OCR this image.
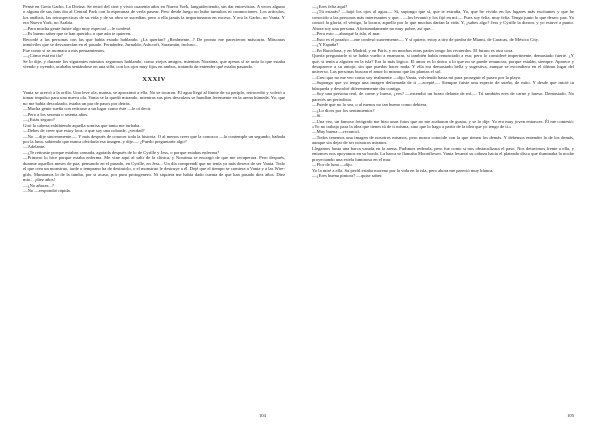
Pensé en Greta Garbo, La Divina. Se retiró del cine y vivió cuarenta años en Nueva York, languideciendo, sin dar entrevistas. A veces alguno o alguna de sus fans iba al Central Park con la esperanza de verla pasear. Pero desde luego no hubo tumultos ni conmociones. Los artículos, los análisis, las retrospectivas de su vida y de su obra se sucedían, pero a ella jamás la importunaron en exceso. Y era la Garbo, no Vania. Y era Nueva York, no Arabia.

—Para mucha gente fuiste algo muy especial —le confesé.

—Es bueno saber que te han querido, o que aún te quieren.

Recordé a las personas con las que había estado hablando. ¿La querían? ¿Realmente...? De pronto me parecieron máscaras. Máscaras inmóviles que se desvanecían en el pasado. Fernández, Jurnaldo, Ashcroft, Sarasmán, incluso...

Fue como si se asomara a mis pensamientos.

—¿Cómo está mi tía?

Se lo dije, y durante los siguientes minutos seguimos hablando, como viejos amigos, mientras Noraima, que ajenas sí se unía lo que estaba viendo y oyendo, acababa sentándose en una silla, con los ojos muy fijos en ambos, tratando de entender qué estaba pasando.

XXXIV

Vania se acercó a la orilla. Una leve ola, mansa, se aproximó a ella. No se tocaron. El agua llegó al límite de su periplo, retrocedió y volvió a tomar impulso para una nueva ola. Vania se la quedó mirando, mientras sus pies descalzos se hundían levemente en la arena húmeda. Yo, que no me había descalzado, estaba un par de pasos por detrás.

—Mucha gente sueña con retirarse a un lugar como éste —le oí decir.

—Pero a los sesenta o setenta años.

—¿Estás seguro?

Giró la cabeza exhibiendo aquella sonrisa que tanto me turbaba.

—Debes de creer que estoy loca, o que soy una cobarde, ¿verdad?

—No —dije sinceramente—. Y más después de conocer toda la historia. O al menos creer que la conozco —la contemple un segundo, bañada por la luna, sabiendo que nunca olvidaría esa imagen, y dije—: ¿Puedo preguntarte algo?

—Adelante.

—¿Te retiraste porque estabas cansada, agotada después de lo de Cyrille y Jess, o porque estabas enferma?

—Primero lo hice porque estaba enferma. Me vine aquí al salir de la clínica, y Noraima se encargó de que me recuperara. Pero después, durante aquellos meses de paz, pensando en el pasado, en Cyrille, en Jess... Un día comprendí que no tenía ya más deseos de ser Vania. Todo el que crea un monstruo, tarde o temprano ha de destruirlo, o el monstruo le destruye a él. Dejé que el tiempo se comiera a Vania y a las Wire-girls. Muntamos lo de la tumba, por si acaso, por pura protogenero. Ni siquiera me había dado cuenta de que han pasado diez años. Diez mio... ¡diez años!

—¿No añoras...?

—No —respondió rápida.

104

—¿Eres feliz aquí?

—¿Tú estarás? —hajó los ojos al agua—. Sí, supongo que sí, que te extraña. Yo, que he vivido en los lugares más excitantes y que he conocido a las personas más interesantes y que... —los levantó y los fijó en mí—. Pues soy feliz, muy feliz. Tengo junto lo que deseo: paz. Yo conocí la gloria, el vértigo, la locura, aquello por lo que muchas darían la vida. Y, ¿sabes algo? Jess y Cyrille la dieron, y yo estuve a punto. Ahora soy una persona. Afortunadamente no muy pobre, así que...

—Pero esto —abarqué la isla, el mar.

—Esto es el paraíso —me confesó suavemente—. Y sí quiero, estoy a tiro de piedra de Miami, de Caracas, de México City.

—¿Y España?

—En Barcelona, y en Madrid, y en París, y en muchas otras partes tengo los recuerdos. El futuro es otra cosa.

Quería preguntarle si se había vuelto a enamorar, si también había renunciado a eso; pero lo consideré impertinente, demasiado fuerte. ¿Y qué, si tenía a alguien en la isla? Era lo más lógico. El amor es lo único a lo que no se puede renunciar, porque estalán, siempre. Aparece y desaparece a su antojo, sin que puedas hacer nada. Y ella era demasiado bella y sugestiva, aunque se escondiera en el último lugar del universo. Las personas buscan el amor lo mismo que las plantas el sol.

—Creo que no me veo como soy realmente —dijo Vania, volviendo hasta mí para proseguir el paseo por la playa.

—Supongo que yo tengo una imagen deformada de ti —acepté—. Siempre fuiste una especie de sueño, de mito. Y desde que inicié tu búsqueda y descubrí diferentemente dar contigo.

—Soy una persona real, de carne y hueso, ¿ves? —extendió un brazo delante de mí—. Tú también eres de carne y hueso. Demasiado. No parecés un periodista.

—Puede que no lo sea, o al menos no tan bueno como debiera.

—¿Lo dices por los sentimientos?

—Sí.

—Una vez, un famoso fotógrafo me hizo unas fotos que no me acabaron de gustar, y se lo dije. Yo era muy joven entonces. Él me contestó: «Yo no trabajo para la idea que tienes tú de ti misma, sino que lo hago a partir de la idea que yo tengo de ti.»

—Muy buena —reconocí.

—Todos tenemos una imagen de nosotros mismos, pero nunca coincide con la que tienen los demás. Y debemos entender la de los demás, aunque sin dejar de ser nosotros mismos.

Llegamos hasta una barca varada en la arena. Pudimos redearla, pero fue como si nos obstaculizara el paso. Nos detuvimos frente a ella, y entonces nos apoyamos en su borda. La barca se llamaba Moonflower. Vania levantó su cabeza hacia el plateado disco que iluminaba la noche proyectando una estela luminosa en el mar.

—Flor de luna —dijo.

Yo la miré a ella. Su perfil estaba moreno por la vida en la isla, pero ahora me pareció muy blanca.

—¿Eres buena pintora? —quise saber.

105
